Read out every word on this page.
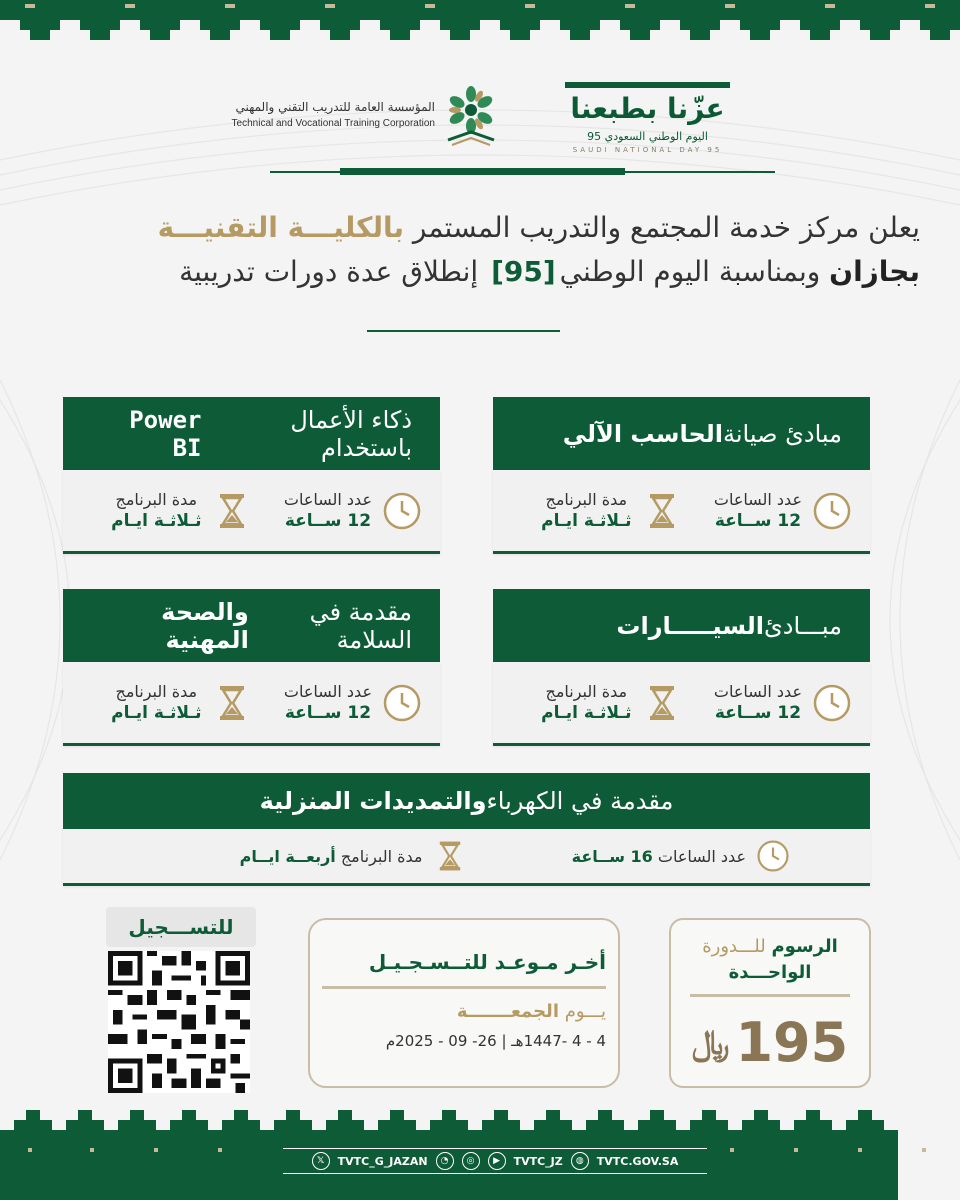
المؤسسة العامة للتدريب التقني والمهني
Technical and Vocational Training Corporation	عزّنا بطبعنا
اليوم الوطني السعودي 95
SAUDI NATIONAL DAY 95
يعلن مركز خدمة المجتمع والتدريب المستمر بالكليـــة التقنيـــة
بجازان وبمناسبة اليوم الوطني[95] إنطلاق عدة دورات تدريبية
مبادئ صيانة
الحاسب الآلي
عدد الساعات
12 ســاعة
مدة البرنامج
ثـلاثـة ايـام
ذكاء الأعمال باستخدام
Power BI
عدد الساعات
12 ســاعة
مدة البرنامج
ثـلاثـة ايـام
مبـــادئ
السيـــــارات
عدد الساعات
12 ســاعة
مدة البرنامج
ثـلاثـة ايـام
مقدمة في السلامة
والصحة المهنية
عدد الساعات
12 ســاعة
مدة البرنامج
ثـلاثـة ايـام
مقدمة في الكهرباء
والتمديدات المنزلية
عدد الساعات 16 ســاعة
مدة البرنامج أربعــة ايــام
الرسوم للـــدورة
الواحـــدة
195
﷼
أخـر مـوعـد للتــسـجـيـل
يـــوم الجمعـــــــة
4 - 4 -1447هـ | 26- 09 - 2025م
للتســـجيل
𝕏	TVTC_G_JAZAN	◔	◎	▶	TVTC_JZ	◍	TVTC.GOV.SA
